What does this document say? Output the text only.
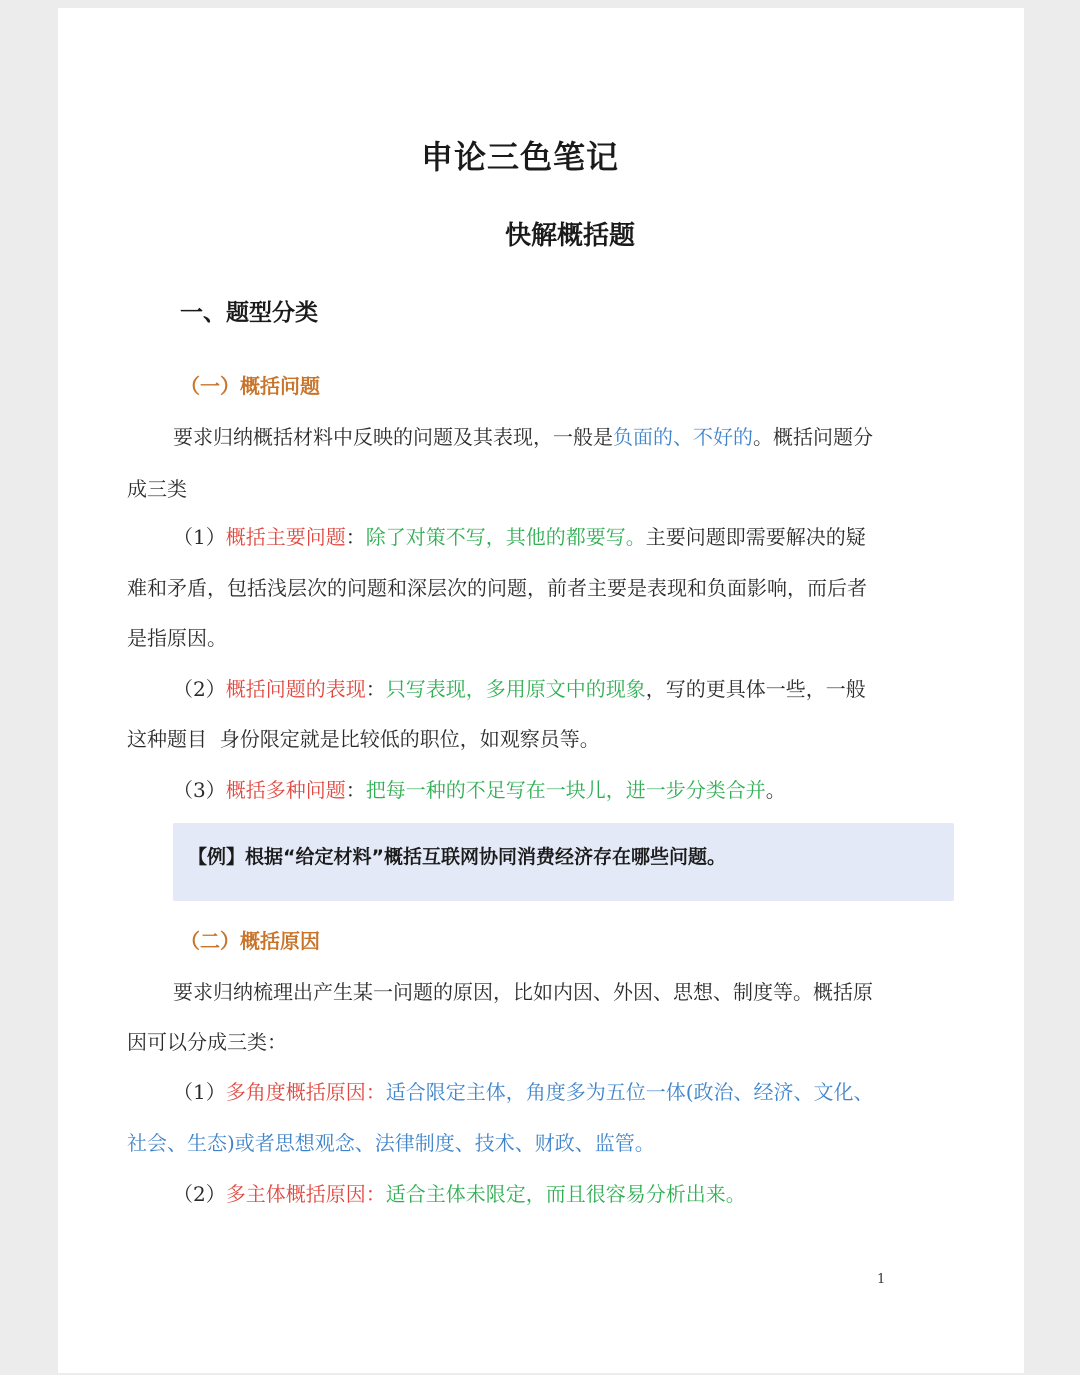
申论三色笔记
快解概括题
一、题型分类
（一）概括问题
要求归纳概括材料中反映的问题及其表现，一般是负面的、不好的。概括问题分
成三类
（1）概括主要问题：除了对策不写，其他的都要写。主要问题即需要解决的疑
难和矛盾，包括浅层次的问题和深层次的问题，前者主要是表现和负面影响，而后者
是指原因。
（2）概括问题的表现：只写表现，多用原文中的现象，写的更具体一些，一般
这种题目  身份限定就是比较低的职位，如观察员等。
（3）概括多种问题：把每一种的不足写在一块儿，进一步分类合并。
【例】根据“给定材料”概括互联网协同消费经济存在哪些问题。
（二）概括原因
要求归纳梳理出产生某一问题的原因，比如内因、外因、思想、制度等。概括原
因可以分成三类：
（1）多角度概括原因：适合限定主体，角度多为五位一体(政治、经济、文化、
社会、生态)或者思想观念、法律制度、技术、财政、监管。
（2）多主体概括原因：适合主体未限定，而且很容易分析出来。
1
